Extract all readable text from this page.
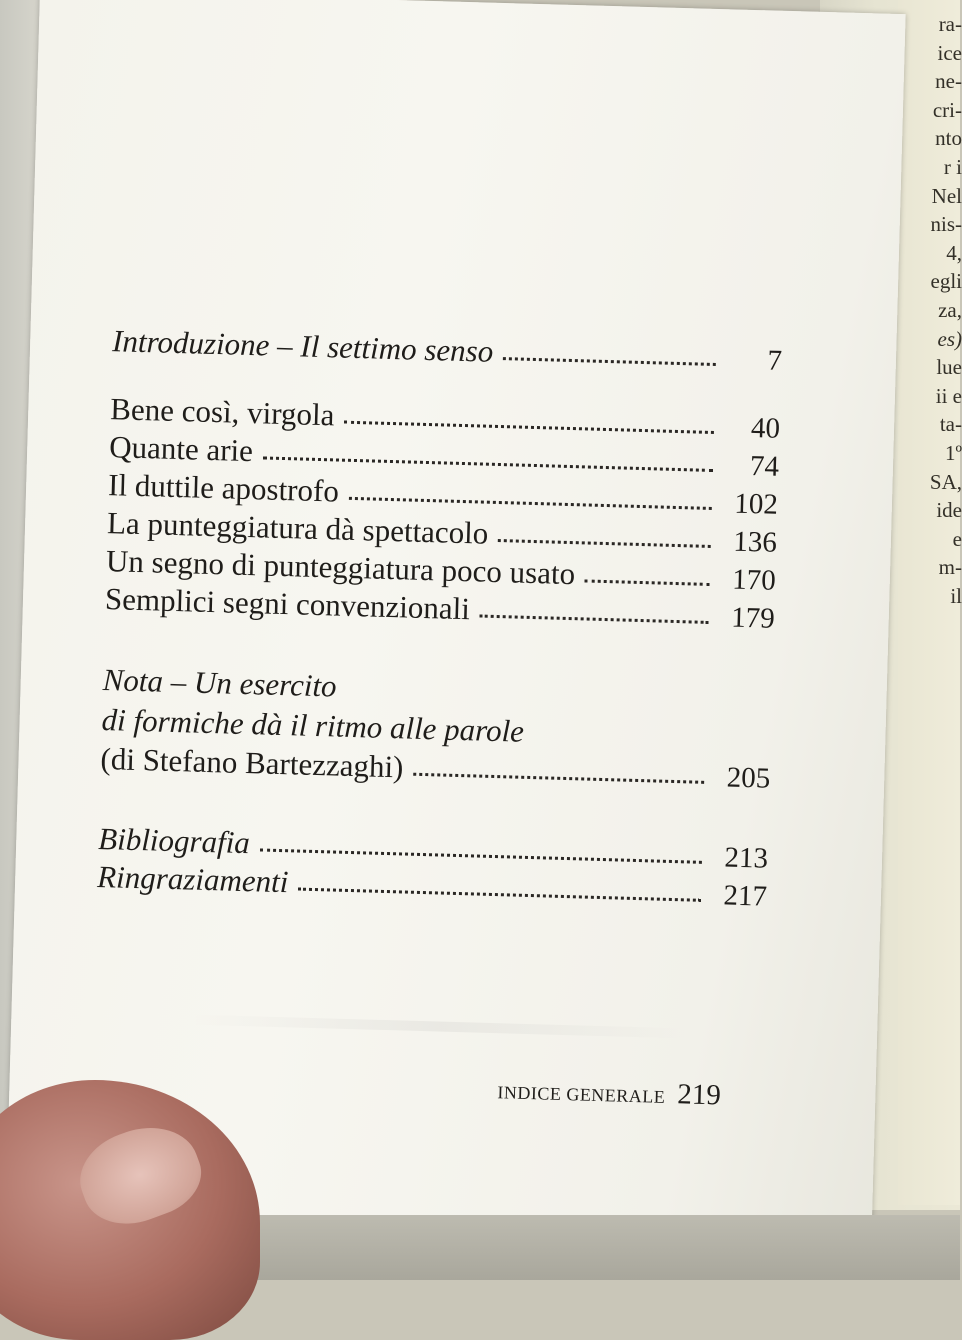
ra-
ice
ne-
cri-
nto
r i
Nel
nis-
4,
egli
za,
es)
lue
ii e
ta-
1º
SA,
ide
e
m-
il
Introduzione – Il settimo senso	7
Bene così, virgola	40
Quante arie	74
Il duttile apostrofo	102
La punteggiatura dà spettacolo	136
Un segno di punteggiatura poco usato	170
Semplici segni convenzionali	179
Nota – Un esercito
di formiche dà il ritmo alle parole
(di Stefano Bartezzaghi)	205
Bibliografia	213
Ringraziamenti	217
INDICE GENERALE 219
